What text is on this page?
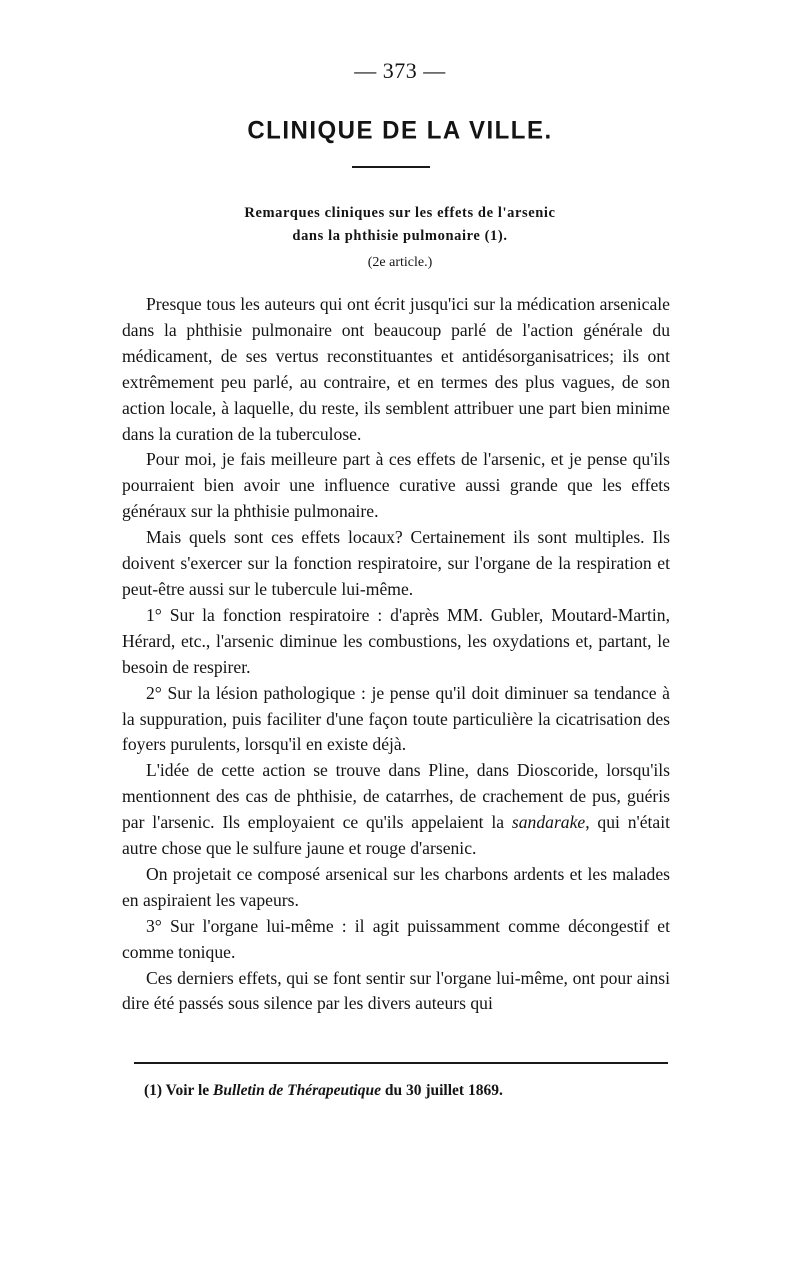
— 373 —
CLINIQUE DE LA VILLE.
Remarques cliniques sur les effets de l'arsenic
dans la phthisie pulmonaire (1).
(2e article.)

Presque tous les auteurs qui ont écrit jusqu'ici sur la médication arsenicale dans la phthisie pulmonaire ont beaucoup parlé de l'action générale du médicament, de ses vertus reconstituantes et antidésorganisatrices; ils ont extrêmement peu parlé, au contraire, et en termes des plus vagues, de son action locale, à laquelle, du reste, ils semblent attribuer une part bien minime dans la curation de la tuberculose.

Pour moi, je fais meilleure part à ces effets de l'arsenic, et je pense qu'ils pourraient bien avoir une influence curative aussi grande que les effets généraux sur la phthisie pulmonaire.

Mais quels sont ces effets locaux? Certainement ils sont multiples. Ils doivent s'exercer sur la fonction respiratoire, sur l'organe de la respiration et peut-être aussi sur le tubercule lui-même.

1° Sur la fonction respiratoire : d'après MM. Gubler, Moutard-Martin, Hérard, etc., l'arsenic diminue les combustions, les oxydations et, partant, le besoin de respirer.

2° Sur la lésion pathologique : je pense qu'il doit diminuer sa tendance à la suppuration, puis faciliter d'une façon toute particulière la cicatrisation des foyers purulents, lorsqu'il en existe déjà.

L'idée de cette action se trouve dans Pline, dans Dioscoride, lorsqu'ils mentionnent des cas de phthisie, de catarrhes, de crachement de pus, guéris par l'arsenic. Ils employaient ce qu'ils appelaient la sandarake, qui n'était autre chose que le sulfure jaune et rouge d'arsenic.

On projetait ce composé arsenical sur les charbons ardents et les malades en aspiraient les vapeurs.

3° Sur l'organe lui-même : il agit puissamment comme décongestif et comme tonique.

Ces derniers effets, qui se font sentir sur l'organe lui-même, ont pour ainsi dire été passés sous silence par les divers auteurs qui

(1) Voir le Bulletin de Thérapeutique du 30 juillet 1869.
